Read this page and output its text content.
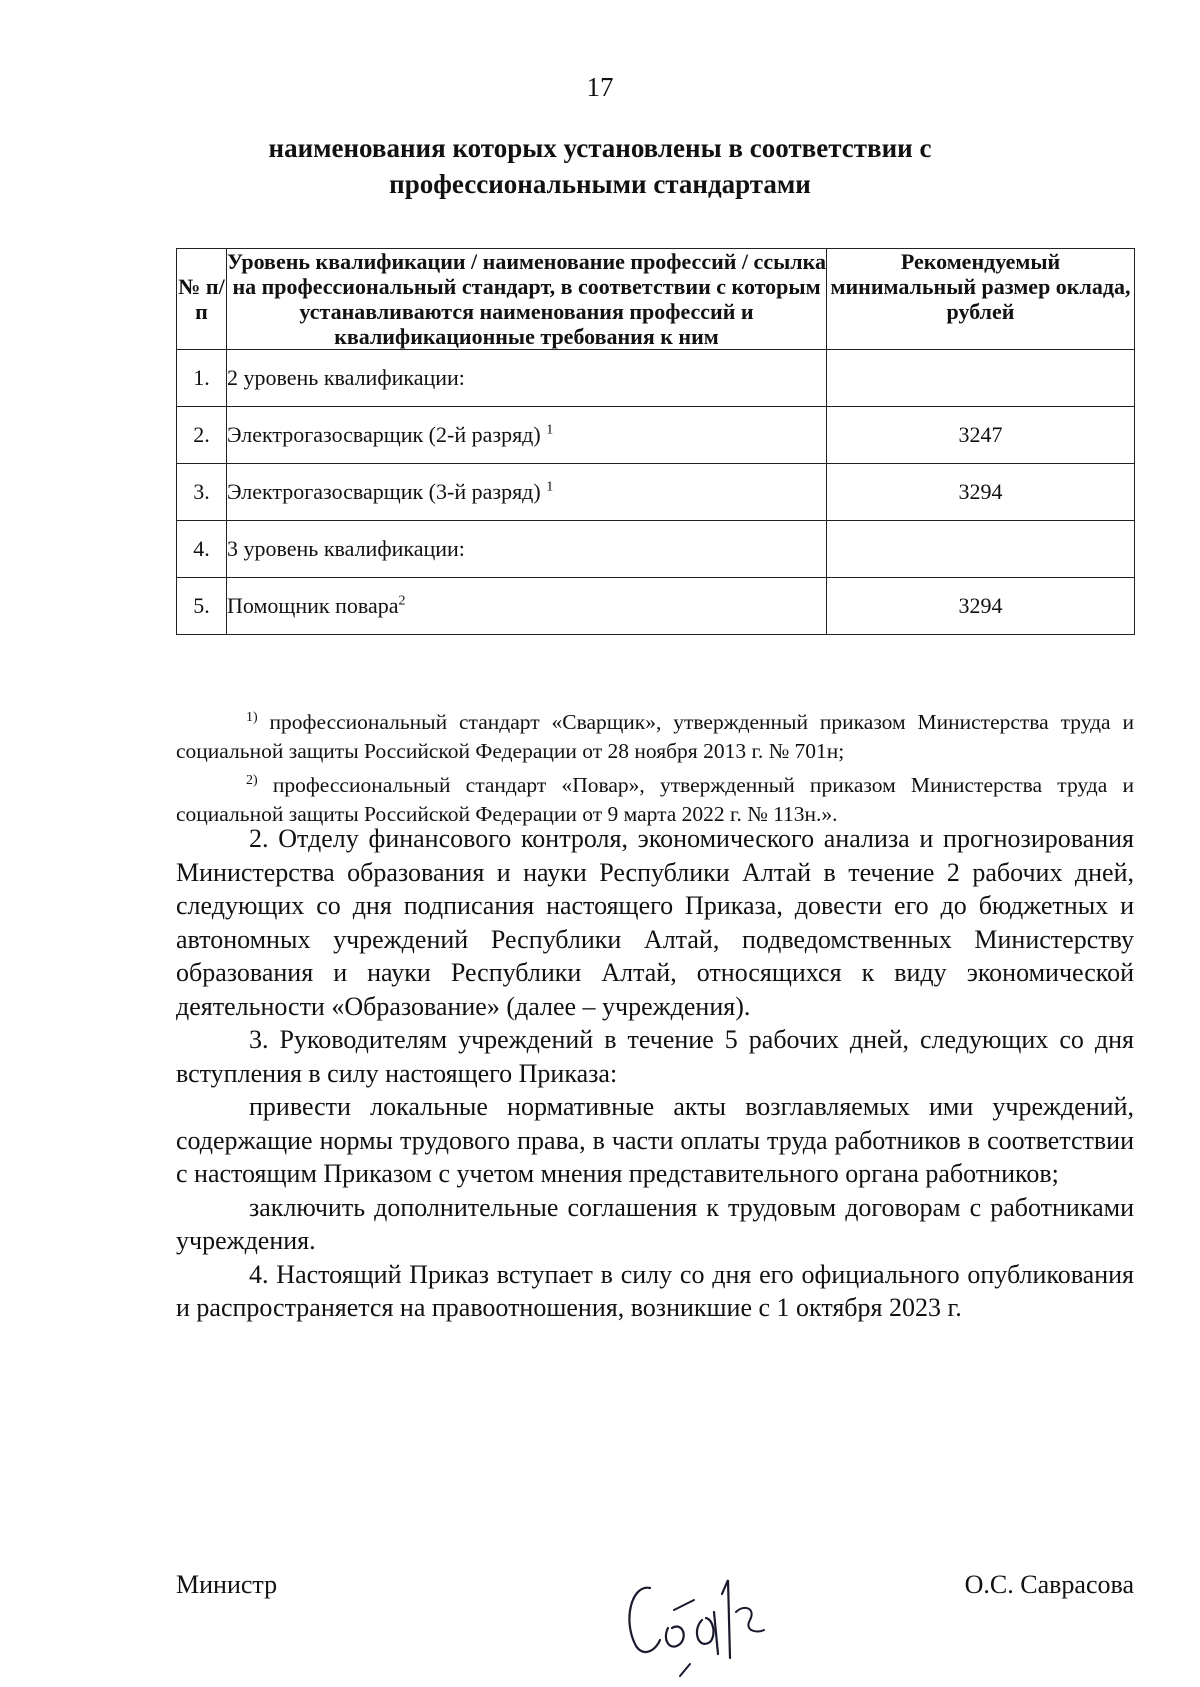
17
наименования которых установлены в соответствии с
профессиональными стандартами
№ п/п	Уровень квалификации / наименование профессий / ссылка на профессиональный стандарт, в соответствии с которым устанавливаются наименования профессий и квалификационные требования к ним	Рекомендуемый минимальный размер оклада, рублей
1.	2 уровень квалификации:	
2.	Электрогазосварщик (2-й разряд) $^1$	3247
3.	Электрогазосварщик (3-й разряд) $^1$	3294
4.	3 уровень квалификации:	
5.	Помощник повара$^2$	3294

$^{1)}$ профессиональный стандарт «Сварщик», утвержденный приказом Министерства труда и социальной защиты Российской Федерации от 28 ноября 2013 г. № 701н;

$^{2)}$ профессиональный стандарт «Повар», утвержденный приказом Министерства труда и социальной защиты Российской Федерации от 9 марта 2022 г. № 113н.».

2. Отделу финансового контроля, экономического анализа и прогнозирования Министерства образования и науки Республики Алтай в течение 2 рабочих дней, следующих со дня подписания настоящего Приказа, довести его до бюджетных и автономных учреждений Республики Алтай, подведомственных Министерству образования и науки Республики Алтай, относящихся к виду экономической деятельности «Образование» (далее – учреждения).

3. Руководителям учреждений в течение 5 рабочих дней, следующих со дня вступления в силу настоящего Приказа:

привести локальные нормативные акты возглавляемых ими учреждений, содержащие нормы трудового права, в части оплаты труда работников в соответствии с настоящим Приказом с учетом мнения представительного органа работников;

заключить дополнительные соглашения к трудовым договорам с работниками учреждения.

4. Настоящий Приказ вступает в силу со дня его официального опубликования и распространяется на правоотношения, возникшие с 1 октября 2023 г.

Министр	О.С. Саврасова
